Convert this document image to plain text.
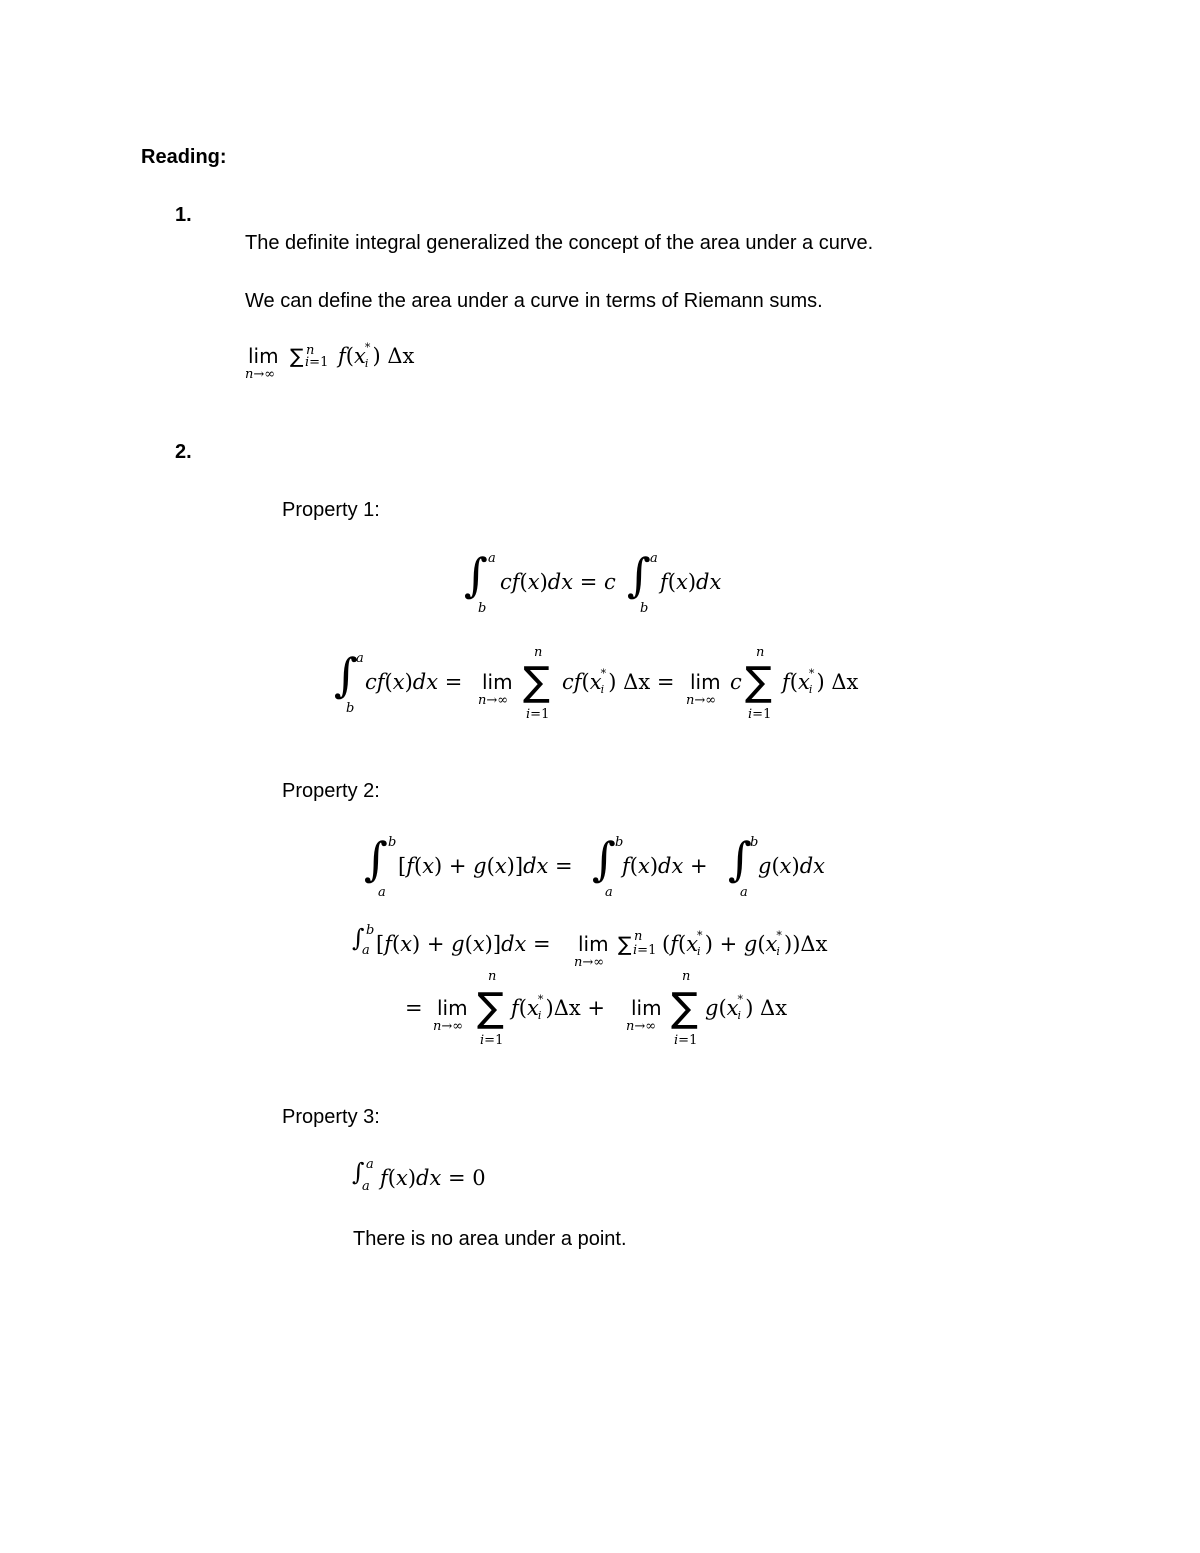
Reading:
1.
The definite integral generalized the concept of the area under a curve.
We can define the area under a curve in terms of Riemann sums.
lim
n→∞
∑ n
i=1 f(x *
i ) Δx
2.
Property 1:
∫ a
b
cf(x)dx = c ∫ a
b
f(x)dx
∫
a
b
cf(x)dx = lim
n→∞
n
∑
i=1
cf(x *
i ) Δx = lim
n→∞
c
n
∑
i=1
f(x *
i ) Δx
Property 2:
∫ b
a
[f(x) + g(x)]dx = ∫ b
a
f(x)dx + ∫
b
a
g(x)dx
∫ b
a [f(x) + g(x)]dx = lim
n→∞
∑ n
i=1 (f(x *
i ) + g(x *
i ))Δx
= lim
n→∞
n
∑
i=1
f(x *
i )Δx + lim
n→∞
n
∑
i=1
g(x *
i ) Δx
Property 3:
∫ a
a f(x)dx = 0
There is no area under a point.
